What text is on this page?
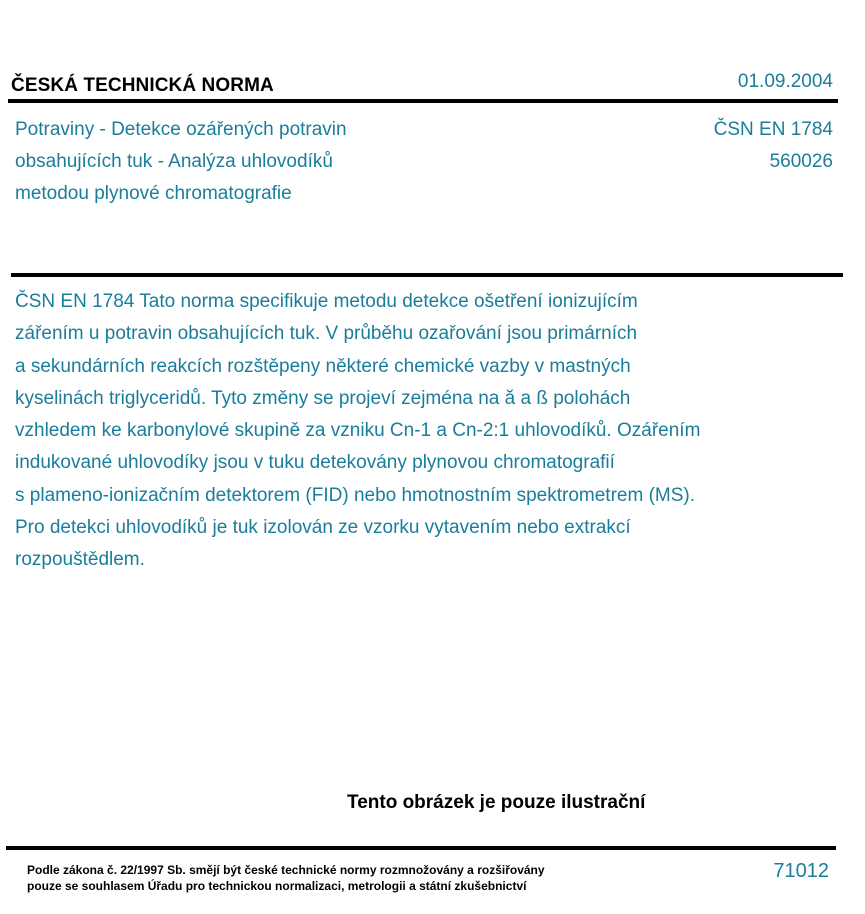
ČESKÁ TECHNICKÁ NORMA	01.09.2004
Potraviny - Detekce ozářených potravin
obsahujících tuk - Analýza uhlovodíků
metodou plynové chromatografie
ČSN EN 1784
560026
ČSN EN 1784 Tato norma specifikuje metodu detekce ošetření ionizujícím
zářením u potravin obsahujících tuk. V průběhu ozařování jsou primárních
a sekundárních reakcích rozštěpeny některé chemické vazby v mastných
kyselinách triglyceridů. Tyto změny se projeví zejména na ă a ß polohách
vzhledem ke karbonylové skupině za vzniku Cn-1 a Cn-2:1 uhlovodíků. Ozářením
indukované uhlovodíky jsou v tuku detekovány plynovou chromatografií
s plameno-ionizačním detektorem (FID) nebo hmotnostním spektrometrem (MS).
Pro detekci uhlovodíků je tuk izolován ze vzorku vytavením nebo extrakcí
rozpouštědlem.
Tento obrázek je pouze ilustrační
Podle zákona č. 22/1997 Sb. smějí být české technické normy rozmnožovány a rozšiřovány
pouze se souhlasem Úřadu pro technickou normalizaci, metrologii a státní zkušebnictví
71012
